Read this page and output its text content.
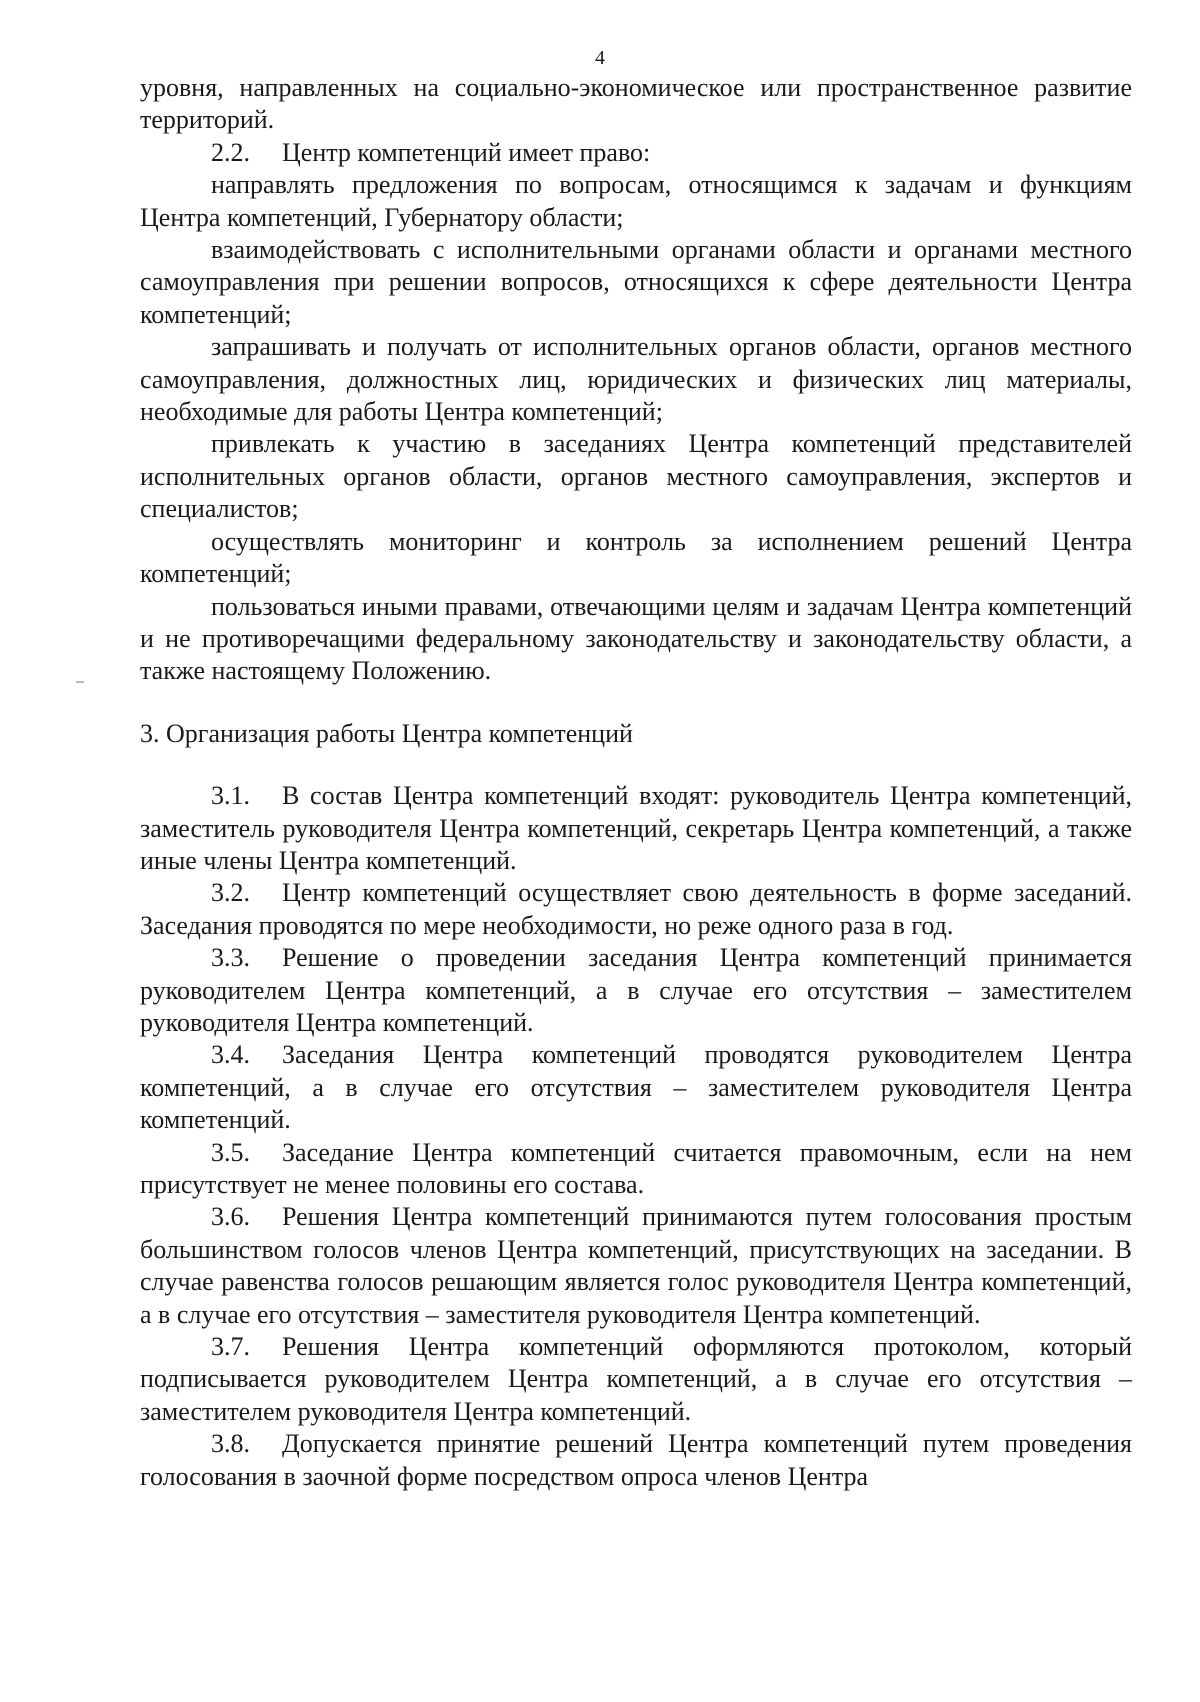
4

уровня, направленных на социально-экономическое или пространственное развитие территорий.

2.2. Центр компетенций имеет право:

направлять предложения по вопросам, относящимся к задачам и функциям Центра компетенций, Губернатору области;

взаимодействовать с исполнительными органами области и органами местного самоуправления при решении вопросов, относящихся к сфере деятельности Центра компетенций;

запрашивать и получать от исполнительных органов области, органов местного самоуправления, должностных лиц, юридических и физических лиц материалы, необходимые для работы Центра компетенций;

привлекать к участию в заседаниях Центра компетенций представителей исполнительных органов области, органов местного самоуправления, экспертов и специалистов;

осуществлять мониторинг и контроль за исполнением решений Центра компетенций;

пользоваться иными правами, отвечающими целям и задачам Центра компетенций и не противоречащими федеральному законодательству и законодательству области, а также настоящему Положению.

3. Организация работы Центра компетенций

3.1. В состав Центра компетенций входят: руководитель Центра компетенций, заместитель руководителя Центра компетенций, секретарь Центра компетенций, а также иные члены Центра компетенций.

3.2. Центр компетенций осуществляет свою деятельность в форме заседаний. Заседания проводятся по мере необходимости, но реже одного раза в год.

3.3. Решение о проведении заседания Центра компетенций принимается руководителем Центра компетенций, а в случае его отсутствия – заместителем руководителя Центра компетенций.

3.4. Заседания Центра компетенций проводятся руководителем Центра компетенций, а в случае его отсутствия – заместителем руководителя Центра компетенций.

3.5. Заседание Центра компетенций считается правомочным, если на нем присутствует не менее половины его состава.

3.6. Решения Центра компетенций принимаются путем голосования простым большинством голосов членов Центра компетенций, присутствующих на заседании. В случае равенства голосов решающим является голос руководителя Центра компетенций, а в случае его отсутствия – заместителя руководителя Центра компетенций.

3.7. Решения Центра компетенций оформляются протоколом, который подписывается руководителем Центра компетенций, а в случае его отсутствия – заместителем руководителя Центра компетенций.

3.8. Допускается принятие решений Центра компетенций путем проведения голосования в заочной форме посредством опроса членов Центра
